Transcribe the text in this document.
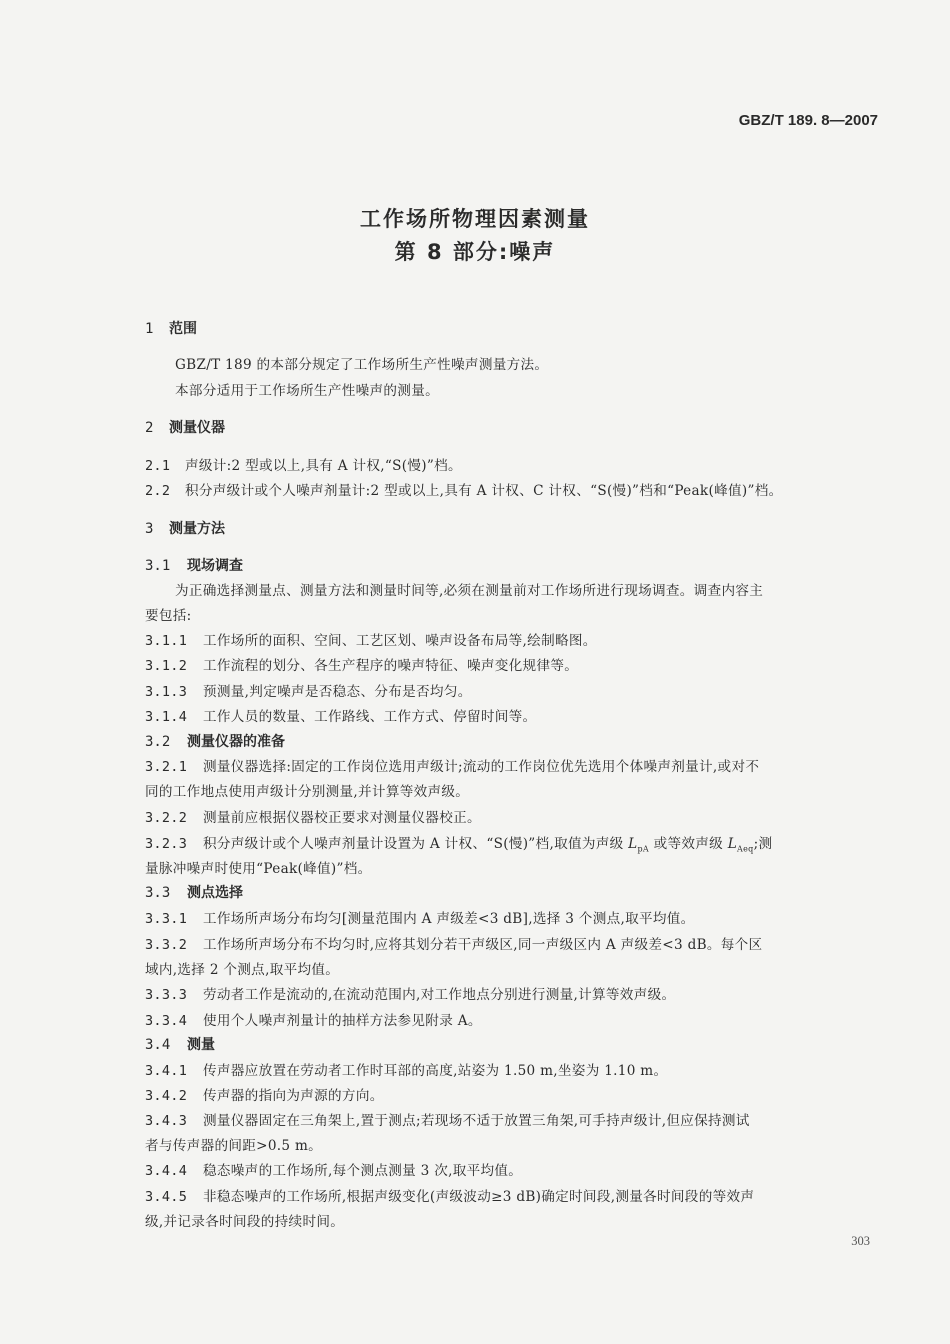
GBZ/T 189. 8—2007
工作场所物理因素测量
第 8 部分:噪声
1 范围
GBZ/T 189 的本部分规定了工作场所生产性噪声测量方法。
本部分适用于工作场所生产性噪声的测量。
2 测量仪器
2.1 声级计:2 型或以上,具有 A 计权,“S(慢)”档。
2.2 积分声级计或个人噪声剂量计:2 型或以上,具有 A 计权、C 计权、“S(慢)”档和“Peak(峰值)”档。
3 测量方法
3.1 现场调查
为正确选择测量点、测量方法和测量时间等,必须在测量前对工作场所进行现场调查。调查内容主
要包括:
3.1.1 工作场所的面积、空间、工艺区划、噪声设备布局等,绘制略图。
3.1.2 工作流程的划分、各生产程序的噪声特征、噪声变化规律等。
3.1.3 预测量,判定噪声是否稳态、分布是否均匀。
3.1.4 工作人员的数量、工作路线、工作方式、停留时间等。
3.2 测量仪器的准备
3.2.1 测量仪器选择:固定的工作岗位选用声级计;流动的工作岗位优先选用个体噪声剂量计,或对不
同的工作地点使用声级计分别测量,并计算等效声级。
3.2.2 测量前应根据仪器校正要求对测量仪器校正。
3.2.3 积分声级计或个人噪声剂量计设置为 A 计权、“S(慢)”档,取值为声级 $L_{pA}$ 或等效声级 $L_{Aeq}$;测
量脉冲噪声时使用“Peak(峰值)”档。
3.3 测点选择
3.3.1 工作场所声场分布均匀[测量范围内 A 声级差<3 dB],选择 3 个测点,取平均值。
3.3.2 工作场所声场分布不均匀时,应将其划分若干声级区,同一声级区内 A 声级差<3 dB。每个区
域内,选择 2 个测点,取平均值。
3.3.3 劳动者工作是流动的,在流动范围内,对工作地点分别进行测量,计算等效声级。
3.3.4 使用个人噪声剂量计的抽样方法参见附录 A。
3.4 测量
3.4.1 传声器应放置在劳动者工作时耳部的高度,站姿为 1.50 m,坐姿为 1.10 m。
3.4.2 传声器的指向为声源的方向。
3.4.3 测量仪器固定在三角架上,置于测点;若现场不适于放置三角架,可手持声级计,但应保持测试
者与传声器的间距>0.5 m。
3.4.4 稳态噪声的工作场所,每个测点测量 3 次,取平均值。
3.4.5 非稳态噪声的工作场所,根据声级变化(声级波动≥3 dB)确定时间段,测量各时间段的等效声
级,并记录各时间段的持续时间。
303
